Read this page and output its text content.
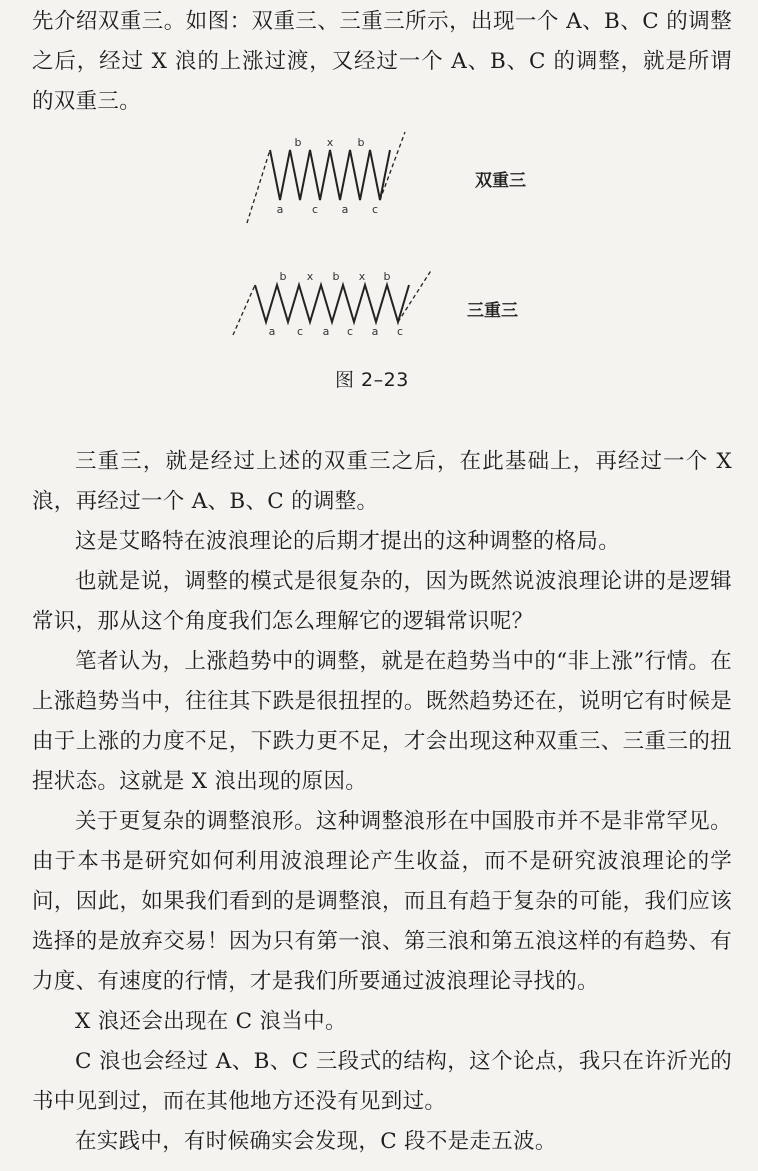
先介绍双重三。如图：双重三、三重三所示，出现一个 A、B、C 的调整之后，经过 X 浪的上涨过渡，又经过一个 A、B、C 的调整，就是所谓的双重三。

b x b
a	c a c
双重三
b x b x b
a c a c a c
三重三
图 2–23

三重三，就是经过上述的双重三之后，在此基础上，再经过一个 X 浪，再经过一个 A、B、C 的调整。

这是艾略特在波浪理论的后期才提出的这种调整的格局。

也就是说，调整的模式是很复杂的，因为既然说波浪理论讲的是逻辑常识，那从这个角度我们怎么理解它的逻辑常识呢？

笔者认为，上涨趋势中的调整，就是在趋势当中的“非上涨”行情。在上涨趋势当中，往往其下跌是很扭捏的。既然趋势还在，说明它有时候是由于上涨的力度不足，下跌力更不足，才会出现这种双重三、三重三的扭捏状态。这就是 X 浪出现的原因。

关于更复杂的调整浪形。这种调整浪形在中国股市并不是非常罕见。由于本书是研究如何利用波浪理论产生收益，而不是研究波浪理论的学问，因此，如果我们看到的是调整浪，而且有趋于复杂的可能，我们应该选择的是放弃交易！因为只有第一浪、第三浪和第五浪这样的有趋势、有力度、有速度的行情，才是我们所要通过波浪理论寻找的。

X 浪还会出现在 C 浪当中。

C 浪也会经过 A、B、C 三段式的结构，这个论点，我只在许沂光的书中见到过，而在其他地方还没有见到过。

在实践中，有时候确实会发现，C 段不是走五波。
